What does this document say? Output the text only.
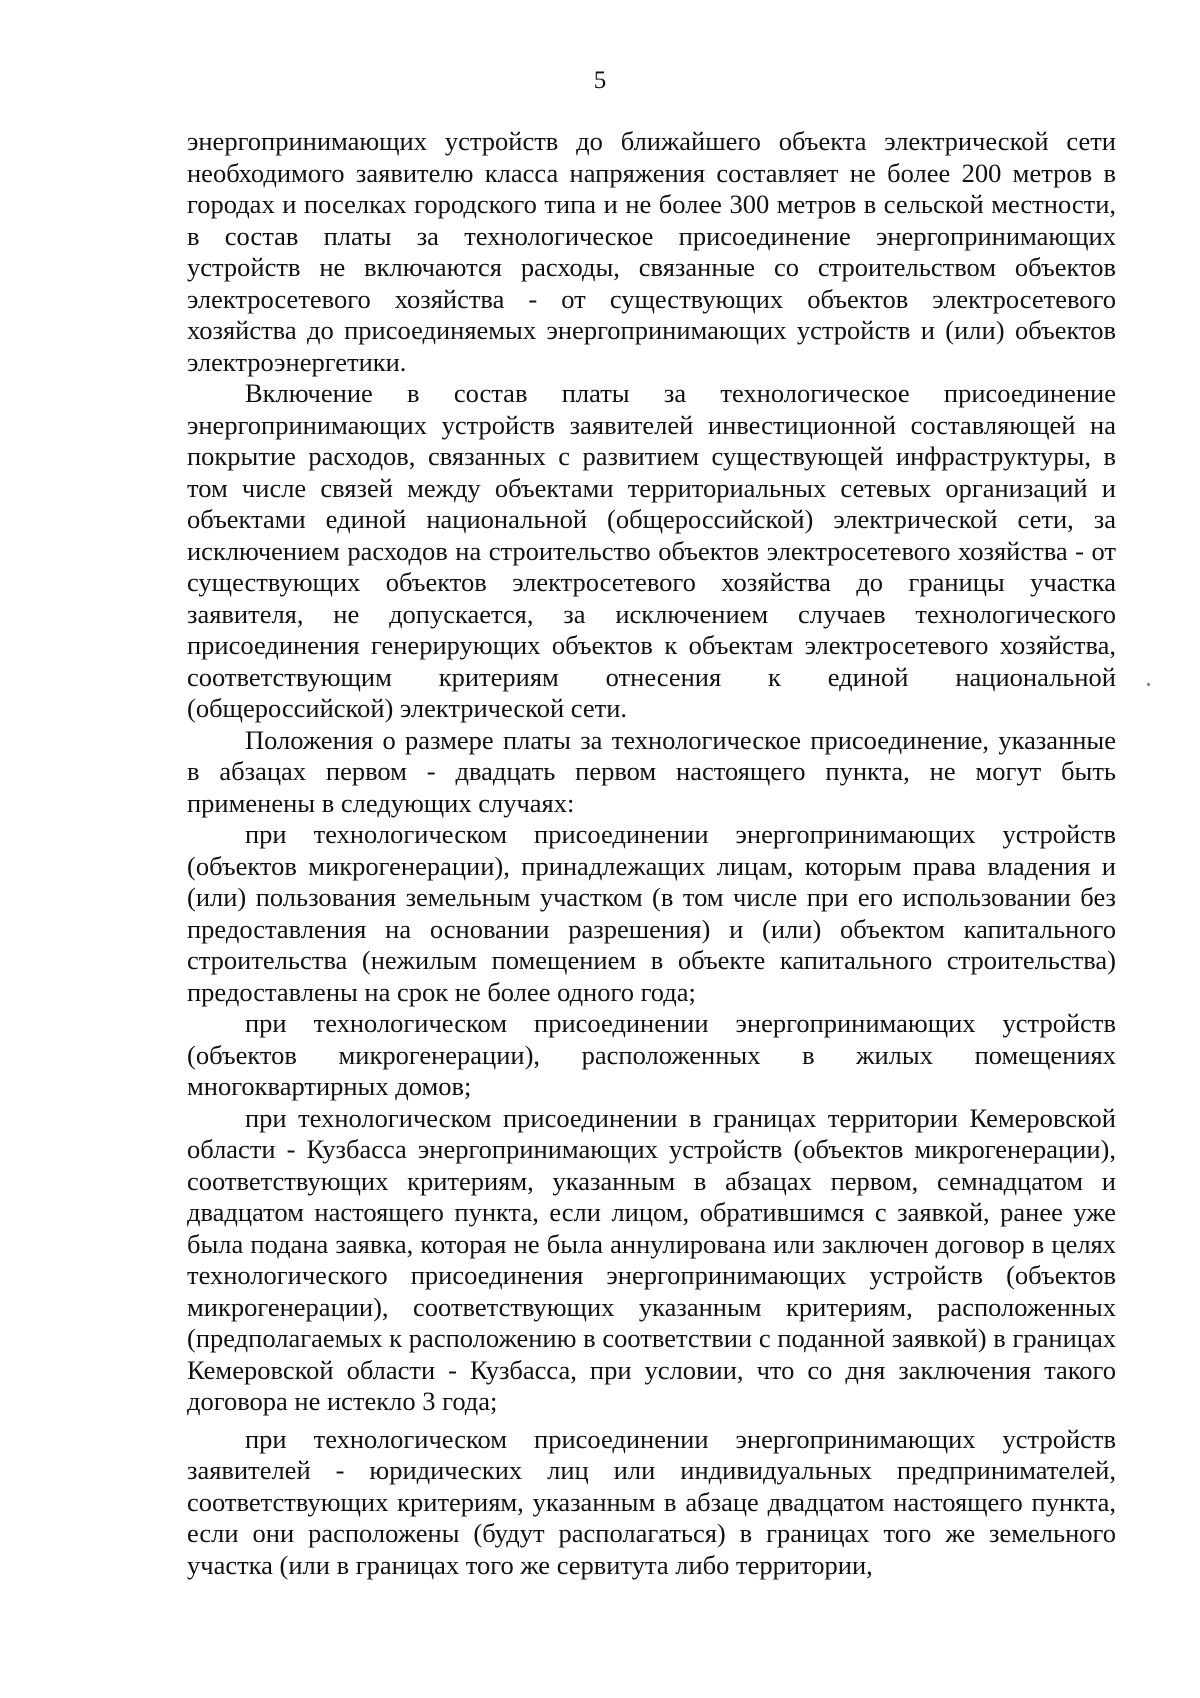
5

энергопринимающих устройств до ближайшего объекта электрической сети необходимого заявителю класса напряжения составляет не более 200 метров в городах и поселках городского типа и не более 300 метров в сельской местности, в состав платы за технологическое присоединение энергопринимающих устройств не включаются расходы, связанные со строительством объектов электросетевого хозяйства - от существующих объектов электросетевого хозяйства до присоединяемых энергопринимающих устройств и (или) объектов электроэнергетики.

Включение в состав платы за технологическое присоединение энергопринимающих устройств заявителей инвестиционной составляющей на покрытие расходов, связанных с развитием существующей инфраструктуры, в том числе связей между объектами территориальных сетевых организаций и объектами единой национальной (общероссийской) электрической сети, за исключением расходов на строительство объектов электросетевого хозяйства - от существующих объектов электросетевого хозяйства до границы участка заявителя, не допускается, за исключением случаев технологического присоединения генерирующих объектов к объектам электросетевого хозяйства, соответствующим критериям отнесения к единой национальной (общероссийской) электрической сети.

Положения о размере платы за технологическое присоединение, указанные в абзацах первом - двадцать первом настоящего пункта, не могут быть применены в следующих случаях:

при технологическом присоединении энергопринимающих устройств (объектов микрогенерации), принадлежащих лицам, которым права владения и (или) пользования земельным участком (в том числе при его использовании без предоставления на основании разрешения) и (или) объектом капитального строительства (нежилым помещением в объекте капитального строительства) предоставлены на срок не более одного года;

при технологическом присоединении энергопринимающих устройств (объектов микрогенерации), расположенных в жилых помещениях многоквартирных домов;

при технологическом присоединении в границах территории Кемеровской области - Кузбасса энергопринимающих устройств (объектов микрогенерации), соответствующих критериям, указанным в абзацах первом, семнадцатом и двадцатом настоящего пункта, если лицом, обратившимся с заявкой, ранее уже была подана заявка, которая не была аннулирована или заключен договор в целях технологического присоединения энергопринимающих устройств (объектов микрогенерации), соответствующих указанным критериям, расположенных (предполагаемых к расположению в соответствии с поданной заявкой) в границах Кемеровской области - Кузбасса, при условии, что со дня заключения такого договора не истекло 3 года;

при технологическом присоединении энергопринимающих устройств заявителей - юридических лиц или индивидуальных предпринимателей, соответствующих критериям, указанным в абзаце двадцатом настоящего пункта, если они расположены (будут располагаться) в границах того же земельного участка (или в границах того же сервитута либо территории,
